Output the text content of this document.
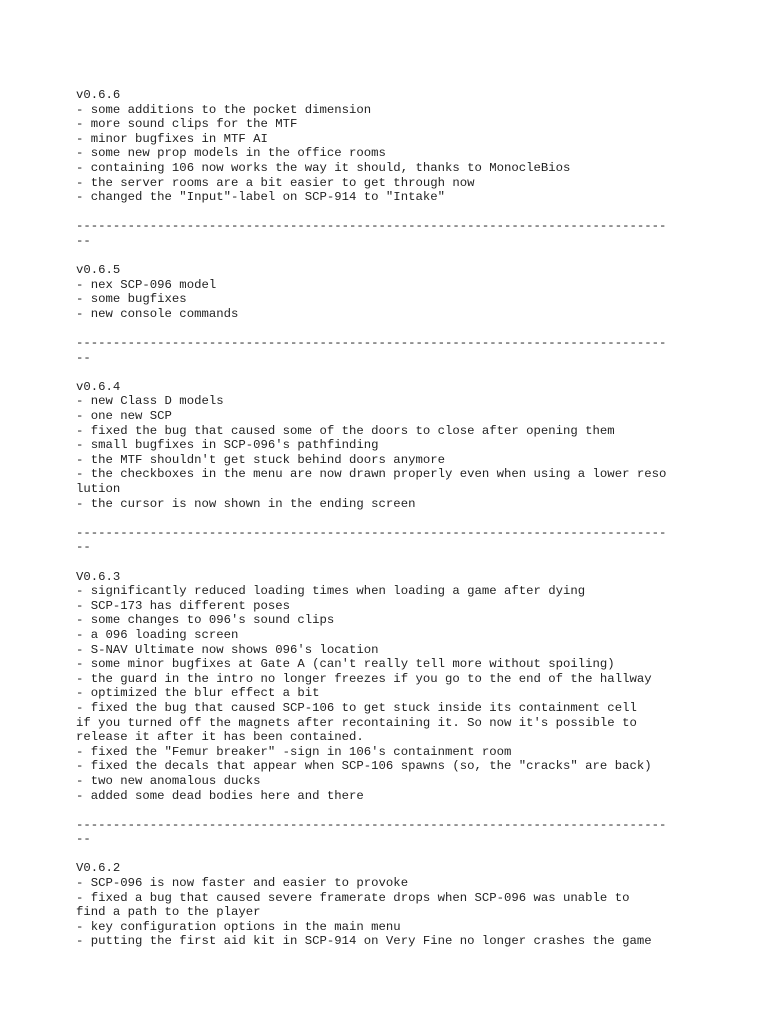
v0.6.6
- some additions to the pocket dimension
- more sound clips for the MTF
- minor bugfixes in MTF AI
- some new prop models in the office rooms
- containing 106 now works the way it should, thanks to MonocleBios
- the server rooms are a bit easier to get through now
- changed the "Input"-label on SCP-914 to "Intake"
--------------------------------------------------------------------------------
--
v0.6.5
- nex SCP-096 model
- some bugfixes
- new console commands
--------------------------------------------------------------------------------
--
v0.6.4
- new Class D models
- one new SCP
- fixed the bug that caused some of the doors to close after opening them
- small bugfixes in SCP-096's pathfinding
- the MTF shouldn't get stuck behind doors anymore
- the checkboxes in the menu are now drawn properly even when using a lower reso
lution
- the cursor is now shown in the ending screen
--------------------------------------------------------------------------------
--
V0.6.3
- significantly reduced loading times when loading a game after dying
- SCP-173 has different poses
- some changes to 096's sound clips
- a 096 loading screen
- S-NAV Ultimate now shows 096's location
- some minor bugfixes at Gate A (can't really tell more without spoiling)
- the guard in the intro no longer freezes if you go to the end of the hallway
- optimized the blur effect a bit
- fixed the bug that caused SCP-106 to get stuck inside its containment cell
if you turned off the magnets after recontaining it. So now it's possible to
release it after it has been contained.
- fixed the "Femur breaker" -sign in 106's containment room
- fixed the decals that appear when SCP-106 spawns (so, the "cracks" are back)
- two new anomalous ducks
- added some dead bodies here and there
--------------------------------------------------------------------------------
--
V0.6.2
- SCP-096 is now faster and easier to provoke
- fixed a bug that caused severe framerate drops when SCP-096 was unable to
find a path to the player
- key configuration options in the main menu
- putting the first aid kit in SCP-914 on Very Fine no longer crashes the game
